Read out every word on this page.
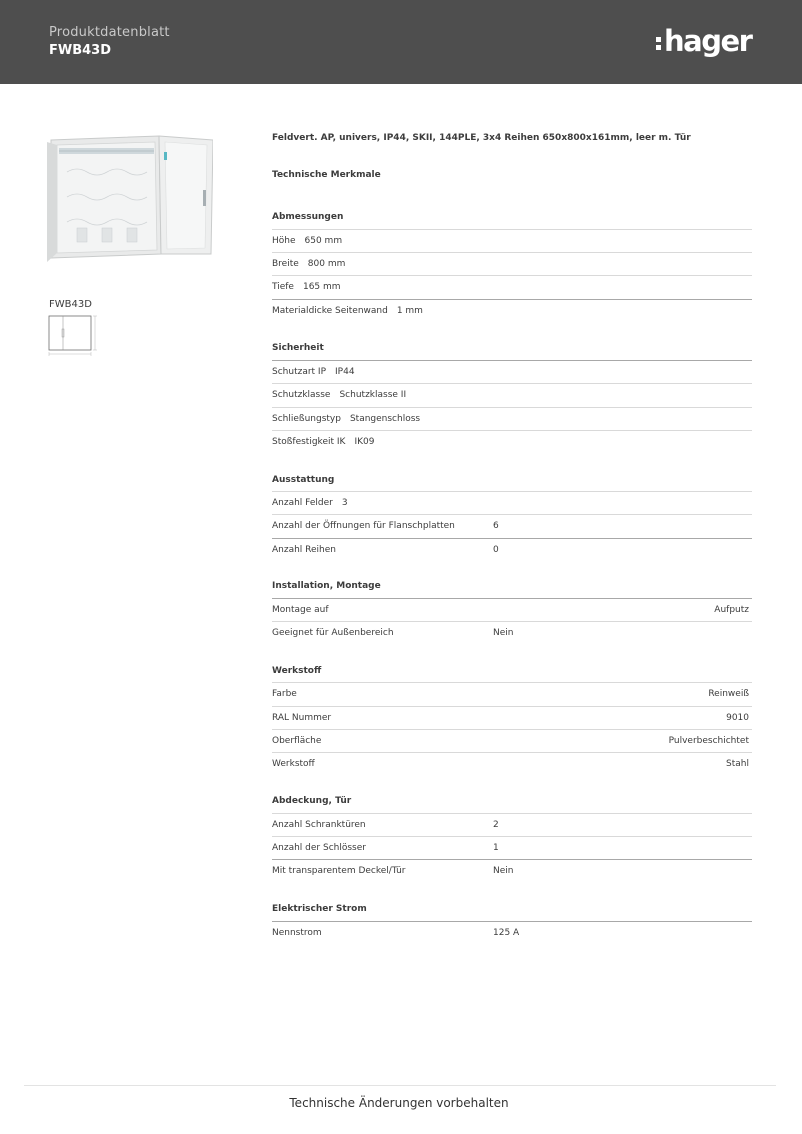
Produktdatenblatt
FWB43D	hager
FWB43D
Feldvert. AP, univers, IP44, SKII, 144PLE, 3x4 Reihen 650x800x161mm, leer m. Tür
Technische Merkmale
Abmessungen
Höhe 650 mm
Breite 800 mm
Tiefe 165 mm
Materialdicke Seitenwand 1 mm
Sicherheit
Schutzart IP IP44
Schutzklasse Schutzklasse II
Schließungstyp Stangenschloss
Stoßfestigkeit IK IK09
Ausstattung
Anzahl Felder 3
Anzahl der Öffnungen für Flanschplatten	6
Anzahl Reihen	0
Installation, Montage
Montage auf	Aufputz
Geeignet für Außenbereich	Nein
Werkstoff
Farbe	Reinweiß
RAL Nummer	9010
Oberfläche	Pulverbeschichtet
Werkstoff	Stahl
Abdeckung, Tür
Anzahl Schranktüren	2
Anzahl der Schlösser	1
Mit transparentem Deckel/Tür	Nein
Elektrischer Strom
Nennstrom	125 A
Technische Änderungen vorbehalten
